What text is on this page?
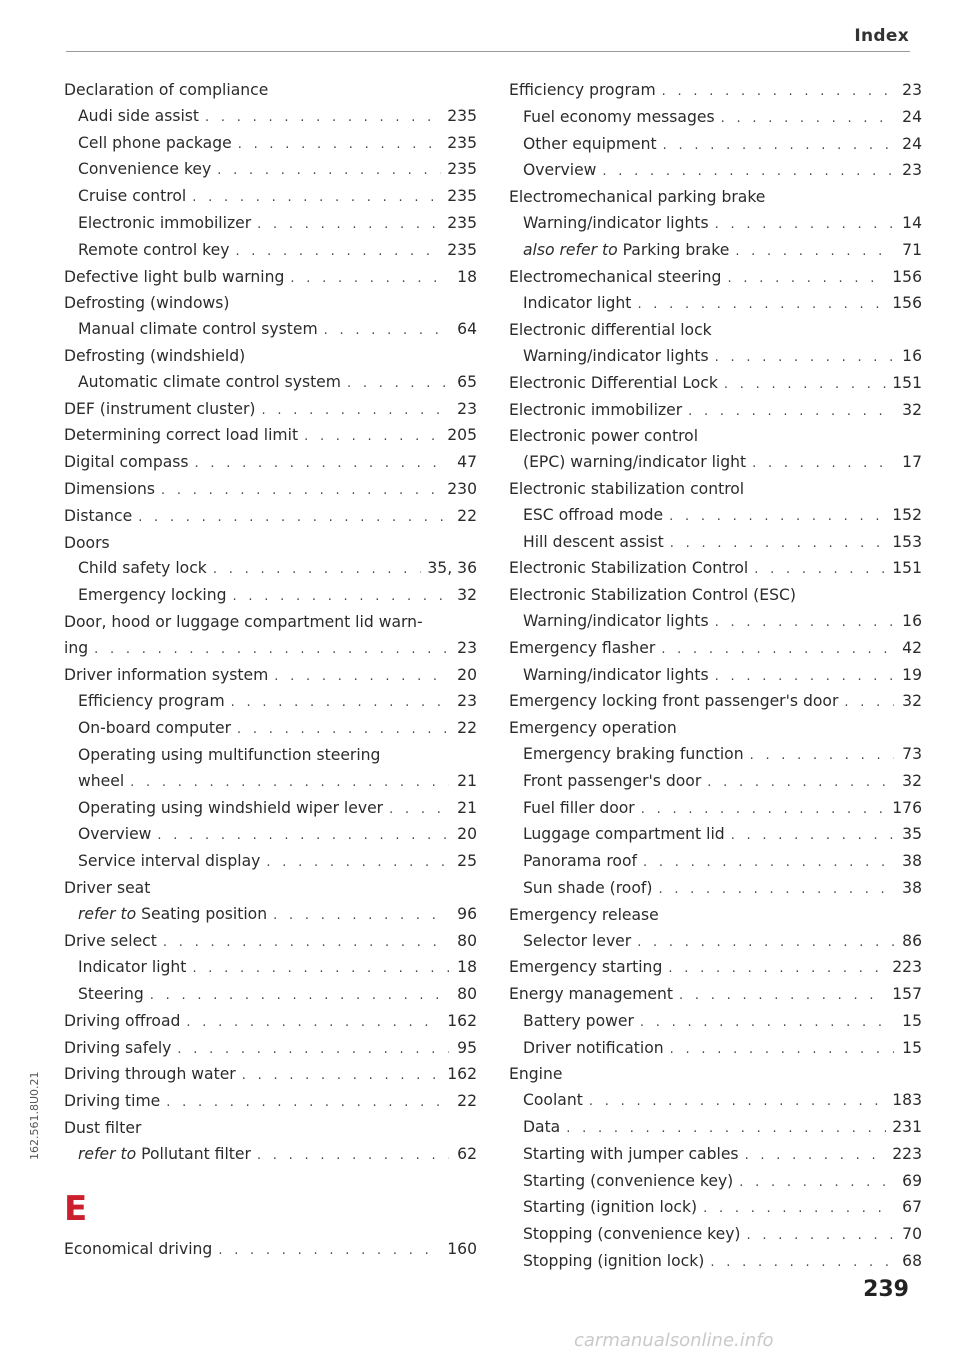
Index
Declaration of compliance
Audi side assist . . .	235
Cell phone package . . .	235
Convenience key . . .	235
Cruise control . . .	235
Electronic immobilizer . . .	235
Remote control key . . .	235
Defective light bulb warning . . .	18
Defrosting (windows)
Manual climate control system . . .	64
Defrosting (windshield)
Automatic climate control system . . .	65
DEF (instrument cluster) . . .	23
Determining correct load limit . . .	205
Digital compass . . .	47
Dimensions . . .	230
Distance . . .	22
Doors
Child safety lock . . .	35, 36
Emergency locking . . .	32
Door, hood or luggage compartment lid warn-
ing . . .	23
Driver information system . . .	20
Efficiency program . . .	23
On-board computer . . .	22
Operating using multifunction steering
wheel . . .	21
Operating using windshield wiper lever . . .	21
Overview . . .	20
Service interval display . . .	25
Driver seat
refer to Seating position . . .	96
Drive select . . .	80
Indicator light . . .	18
Steering . . .	80
Driving offroad . . .	162
Driving safely . . .	95
Driving through water . . .	162
Driving time . . .	22
Dust filter
refer to Pollutant filter . . .	62
E
Economical driving . . .	160
Efficiency program . . .	23
Fuel economy messages . . .	24
Other equipment . . .	24
Overview . . .	23
Electromechanical parking brake
Warning/indicator lights . . .	14
also refer to Parking brake . . .	71
Electromechanical steering . . .	156
Indicator light . . .	156
Electronic differential lock
Warning/indicator lights . . .	16
Electronic Differential Lock . . .	151
Electronic immobilizer . . .	32
Electronic power control
(EPC) warning/indicator light . . .	17
Electronic stabilization control
ESC offroad mode . . .	152
Hill descent assist . . .	153
Electronic Stabilization Control . . .	151
Electronic Stabilization Control (ESC)
Warning/indicator lights . . .	16
Emergency flasher . . .	42
Warning/indicator lights . . .	19
Emergency locking front passenger's door . . .	32
Emergency operation
Emergency braking function . . .	73
Front passenger's door . . .	32
Fuel filler door . . .	176
Luggage compartment lid . . .	35
Panorama roof . . .	38
Sun shade (roof) . . .	38
Emergency release
Selector lever . . .	86
Emergency starting . . .	223
Energy management . . .	157
Battery power . . .	15
Driver notification . . .	15
Engine
Coolant . . .	183
Data . . .	231
Starting with jumper cables . . .	223
Starting (convenience key) . . .	69
Starting (ignition lock) . . .	67
Stopping (convenience key) . . .	70
Stopping (ignition lock) . . .	68
162.561.8U0.21
239
carmanualsonline.info
